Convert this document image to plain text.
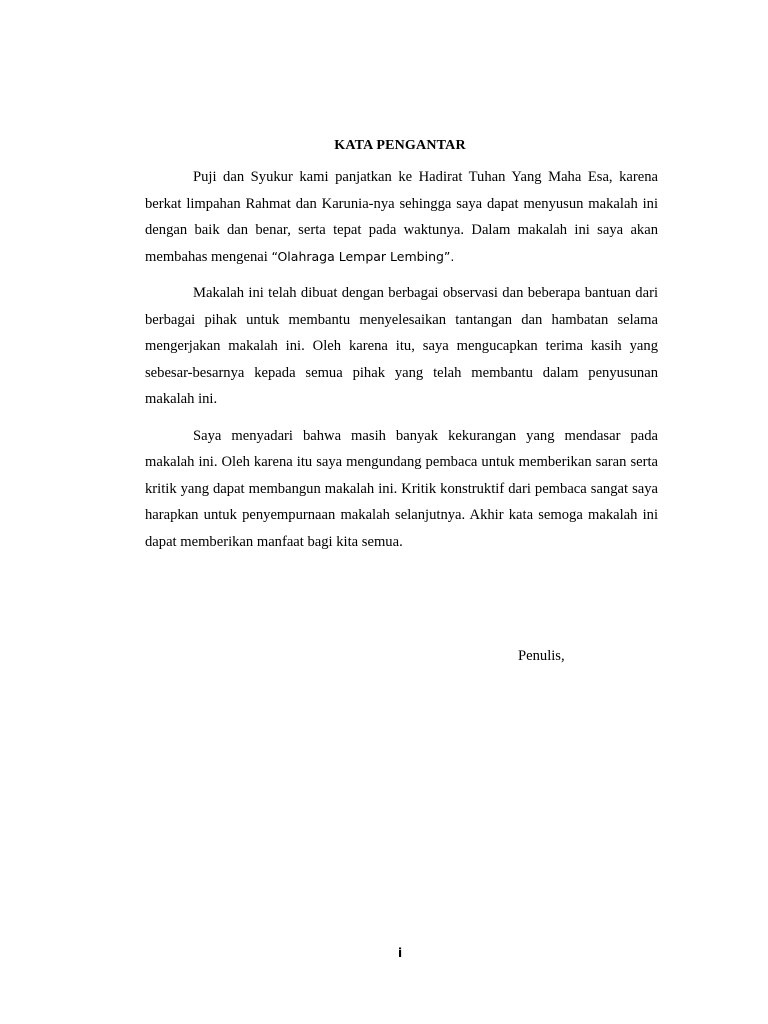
KATA PENGANTAR

Puji dan Syukur kami panjatkan ke Hadirat Tuhan Yang Maha Esa, karena berkat limpahan Rahmat dan Karunia-nya sehingga saya dapat menyusun makalah ini dengan baik dan benar, serta tepat pada waktunya. Dalam makalah ini saya akan membahas mengenai “Olahraga Lempar Lembing”.

Makalah ini telah dibuat dengan berbagai observasi dan beberapa bantuan dari berbagai pihak untuk membantu menyelesaikan tantangan dan hambatan selama mengerjakan makalah ini. Oleh karena itu, saya mengucapkan terima kasih yang sebesar-besarnya kepada semua pihak yang telah membantu dalam penyusunan makalah ini.

Saya menyadari bahwa masih banyak kekurangan yang mendasar pada makalah ini. Oleh karena itu saya mengundang pembaca untuk memberikan saran serta kritik yang dapat membangun makalah ini. Kritik konstruktif dari pembaca sangat saya harapkan untuk penyempurnaan makalah selanjutnya. Akhir kata semoga makalah ini dapat memberikan manfaat bagi kita semua.

Penulis,
i
